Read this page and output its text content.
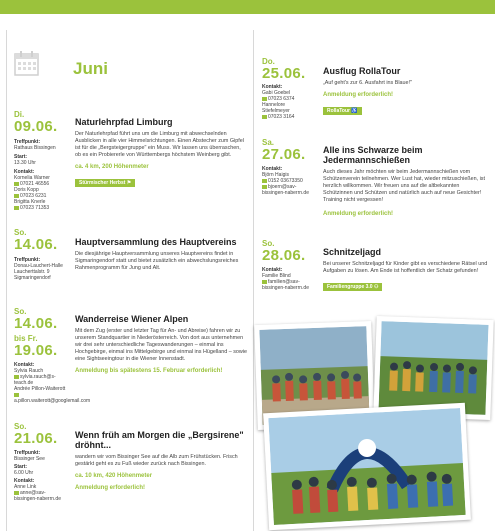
Juni
Di.
09.06.
Treffpunkt:
Rathaus Bissingen
Start:
13.30 Uhr
Kontakt:
Kornelia Warner
07021 46556
Doris Kopp
07023 6231
Brigitta Knerle
07023 71353
Naturlehrpfad Limburg
Der Naturlehrpfad führt uns um die Limburg mit abwechselnden Ausblicken in alle vier Himmelsrichtungen. Einen Abstecher zum Gipfel ist für die „Bergsteigergruppe" ein Muss. Wir lassen uns überraschen, ob es ein Probiererle von Württembergs höchstem Weinberg gibt.
ca. 4 km, 200 Höhenmeter
Stürmischer Herbst ⚑
So.
14.06.
Treffpunkt:
Donau-Lauchert-Halle Laucherttalstr. 9 Sigmaringendorf
Hauptversammlung des Hauptvereins
Die diesjährige Hauptversammlung unseres Hauptvereins findet in Sigmaringendorf statt und bietet zusätzlich ein abwechslungsreiches Rahmenprogramm für Jung und Alt.
So.
14.06.
bis Fr.
19.06.
Kontakt:
Sylvia Rauch
sylvia.rauch@s-teach.de
Andrée Pillon-Waiterott
a.pillon.waiterott@googlemail.com
Wanderreise Wiener Alpen
Mit dem Zug (erster und letzter Tag für An- und Abreise) fahren wir zu unserem Standquartier in Niederösterreich. Von dort aus unternehmen wir drei sehr unterschiedliche Tageswanderungen – einmal ins Hochgebirge, einmal ins Mittelgebirge und einmal ins Hügelland – sowie eine Sightseeingtour in die Wiener Innenstadt.
Anmeldung bis spätestens 15. Februar erforderlich!
So.
21.06.
Treffpunkt:
Bissinger See
Start:
6.00 Uhr
Kontakt:
Anne Link
anne@sav-bissingen-naberrn.de
Wenn früh am Morgen die „Bergsirene" dröhnt...
wandern wir vom Bissinger See auf die Alb zum Frühstücken. Frisch gestärkt geht es zu Fuß wieder zurück nach Bissingen.
ca. 10 km, 420 Höhenmeter
Anmeldung erforderlich!
Do.
25.06.
Kontakt:
Gabi Goebel
07023 6374
Hannelore Stiefelmeyer
07023 3164
Ausflug RollaTour
„Auf geht's zur 6. Ausfahrt ins Blaue!"
Anmeldung erforderlich!
RollaTour ♿
Sa.
27.06.
Kontakt:
Björn Haigis
0152 03673350
bjoern@sav-bissingen-naberrn.de
Alle ins Schwarze beim Jedermannschießen
Auch dieses Jahr möchten wir beim Jedermannschießen vom Schützenverein teilnehmen. Wer Lust hat, wieder mitzuschießen, ist herzlich willkommen. Wir freuen uns auf die altbekannten Schützinnen und Schützen und natürlich auch auf neue Gesichter! Training nicht vergessen!
Anmeldung erforderlich!
So.
28.06.
Kontakt:
Familie Blind
familien@sav-bissingen-naberrn.de
Schnitzeljagd
Bei unserer Schnitzeljagd für Kinder gibt es verschiedene Rätsel und Aufgaben zu lösen. Am Ende ist hoffentlich der Schatz gefunden!
Familiengruppe 3.0 ⚇
